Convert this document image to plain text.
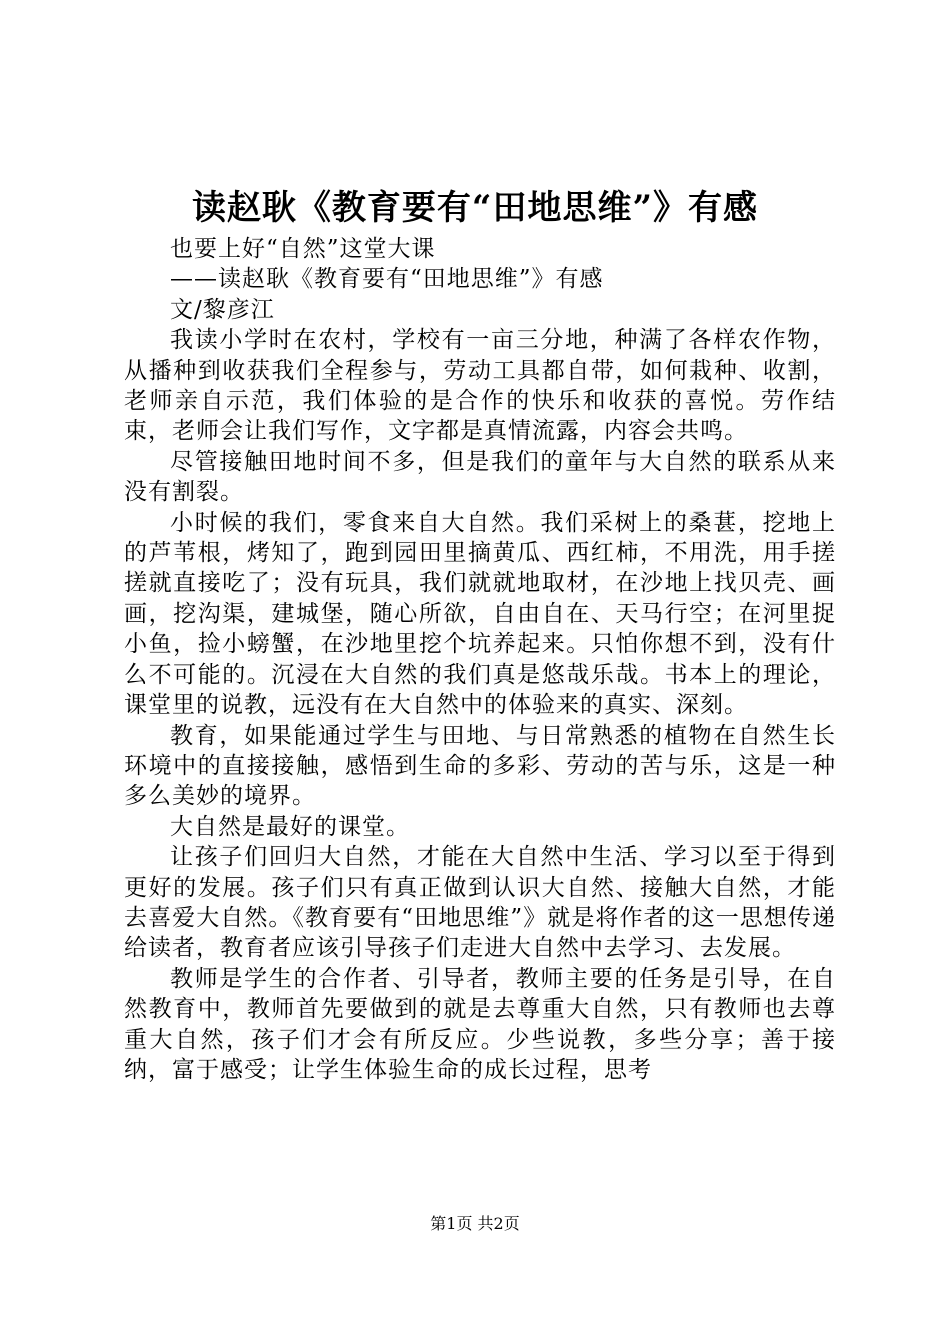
读赵耿《教育要有“田地思维”》有感

也要上好“自然”这堂大课

——读赵耿《教育要有“田地思维”》有感

文/黎彦江

我读小学时在农村，学校有一亩三分地，种满了各样农作物，从播种到收获我们全程参与，劳动工具都自带，如何栽种、收割，老师亲自示范，我们体验的是合作的快乐和收获的喜悦。劳作结束，老师会让我们写作，文字都是真情流露，内容会共鸣。

尽管接触田地时间不多，但是我们的童年与大自然的联系从来没有割裂。

小时候的我们，零食来自大自然。我们采树上的桑葚，挖地上的芦苇根，烤知了，跑到园田里摘黄瓜、西红柿，不用洗，用手搓搓就直接吃了；没有玩具，我们就就地取材，在沙地上找贝壳、画画，挖沟渠，建城堡，随心所欲，自由自在、天马行空；在河里捉小鱼，捡小螃蟹，在沙地里挖个坑养起来。只怕你想不到，没有什么不可能的。沉浸在大自然的我们真是悠哉乐哉。书本上的理论，课堂里的说教，远没有在大自然中的体验来的真实、深刻。

教育，如果能通过学生与田地、与日常熟悉的植物在自然生长环境中的直接接触，感悟到生命的多彩、劳动的苦与乐，这是一种多么美妙的境界。

大自然是最好的课堂。

让孩子们回归大自然，才能在大自然中生活、学习以至于得到更好的发展。孩子们只有真正做到认识大自然、接触大自然，才能去喜爱大自然。《教育要有“田地思维”》就是将作者的这一思想传递给读者，教育者应该引导孩子们走进大自然中去学习、去发展。

教师是学生的合作者、引导者，教师主要的任务是引导，在自然教育中，教师首先要做到的就是去尊重大自然，只有教师也去尊重大自然，孩子们才会有所反应。少些说教，多些分享；善于接纳，富于感受；让学生体验生命的成长过程，思考

第1页 共2页
